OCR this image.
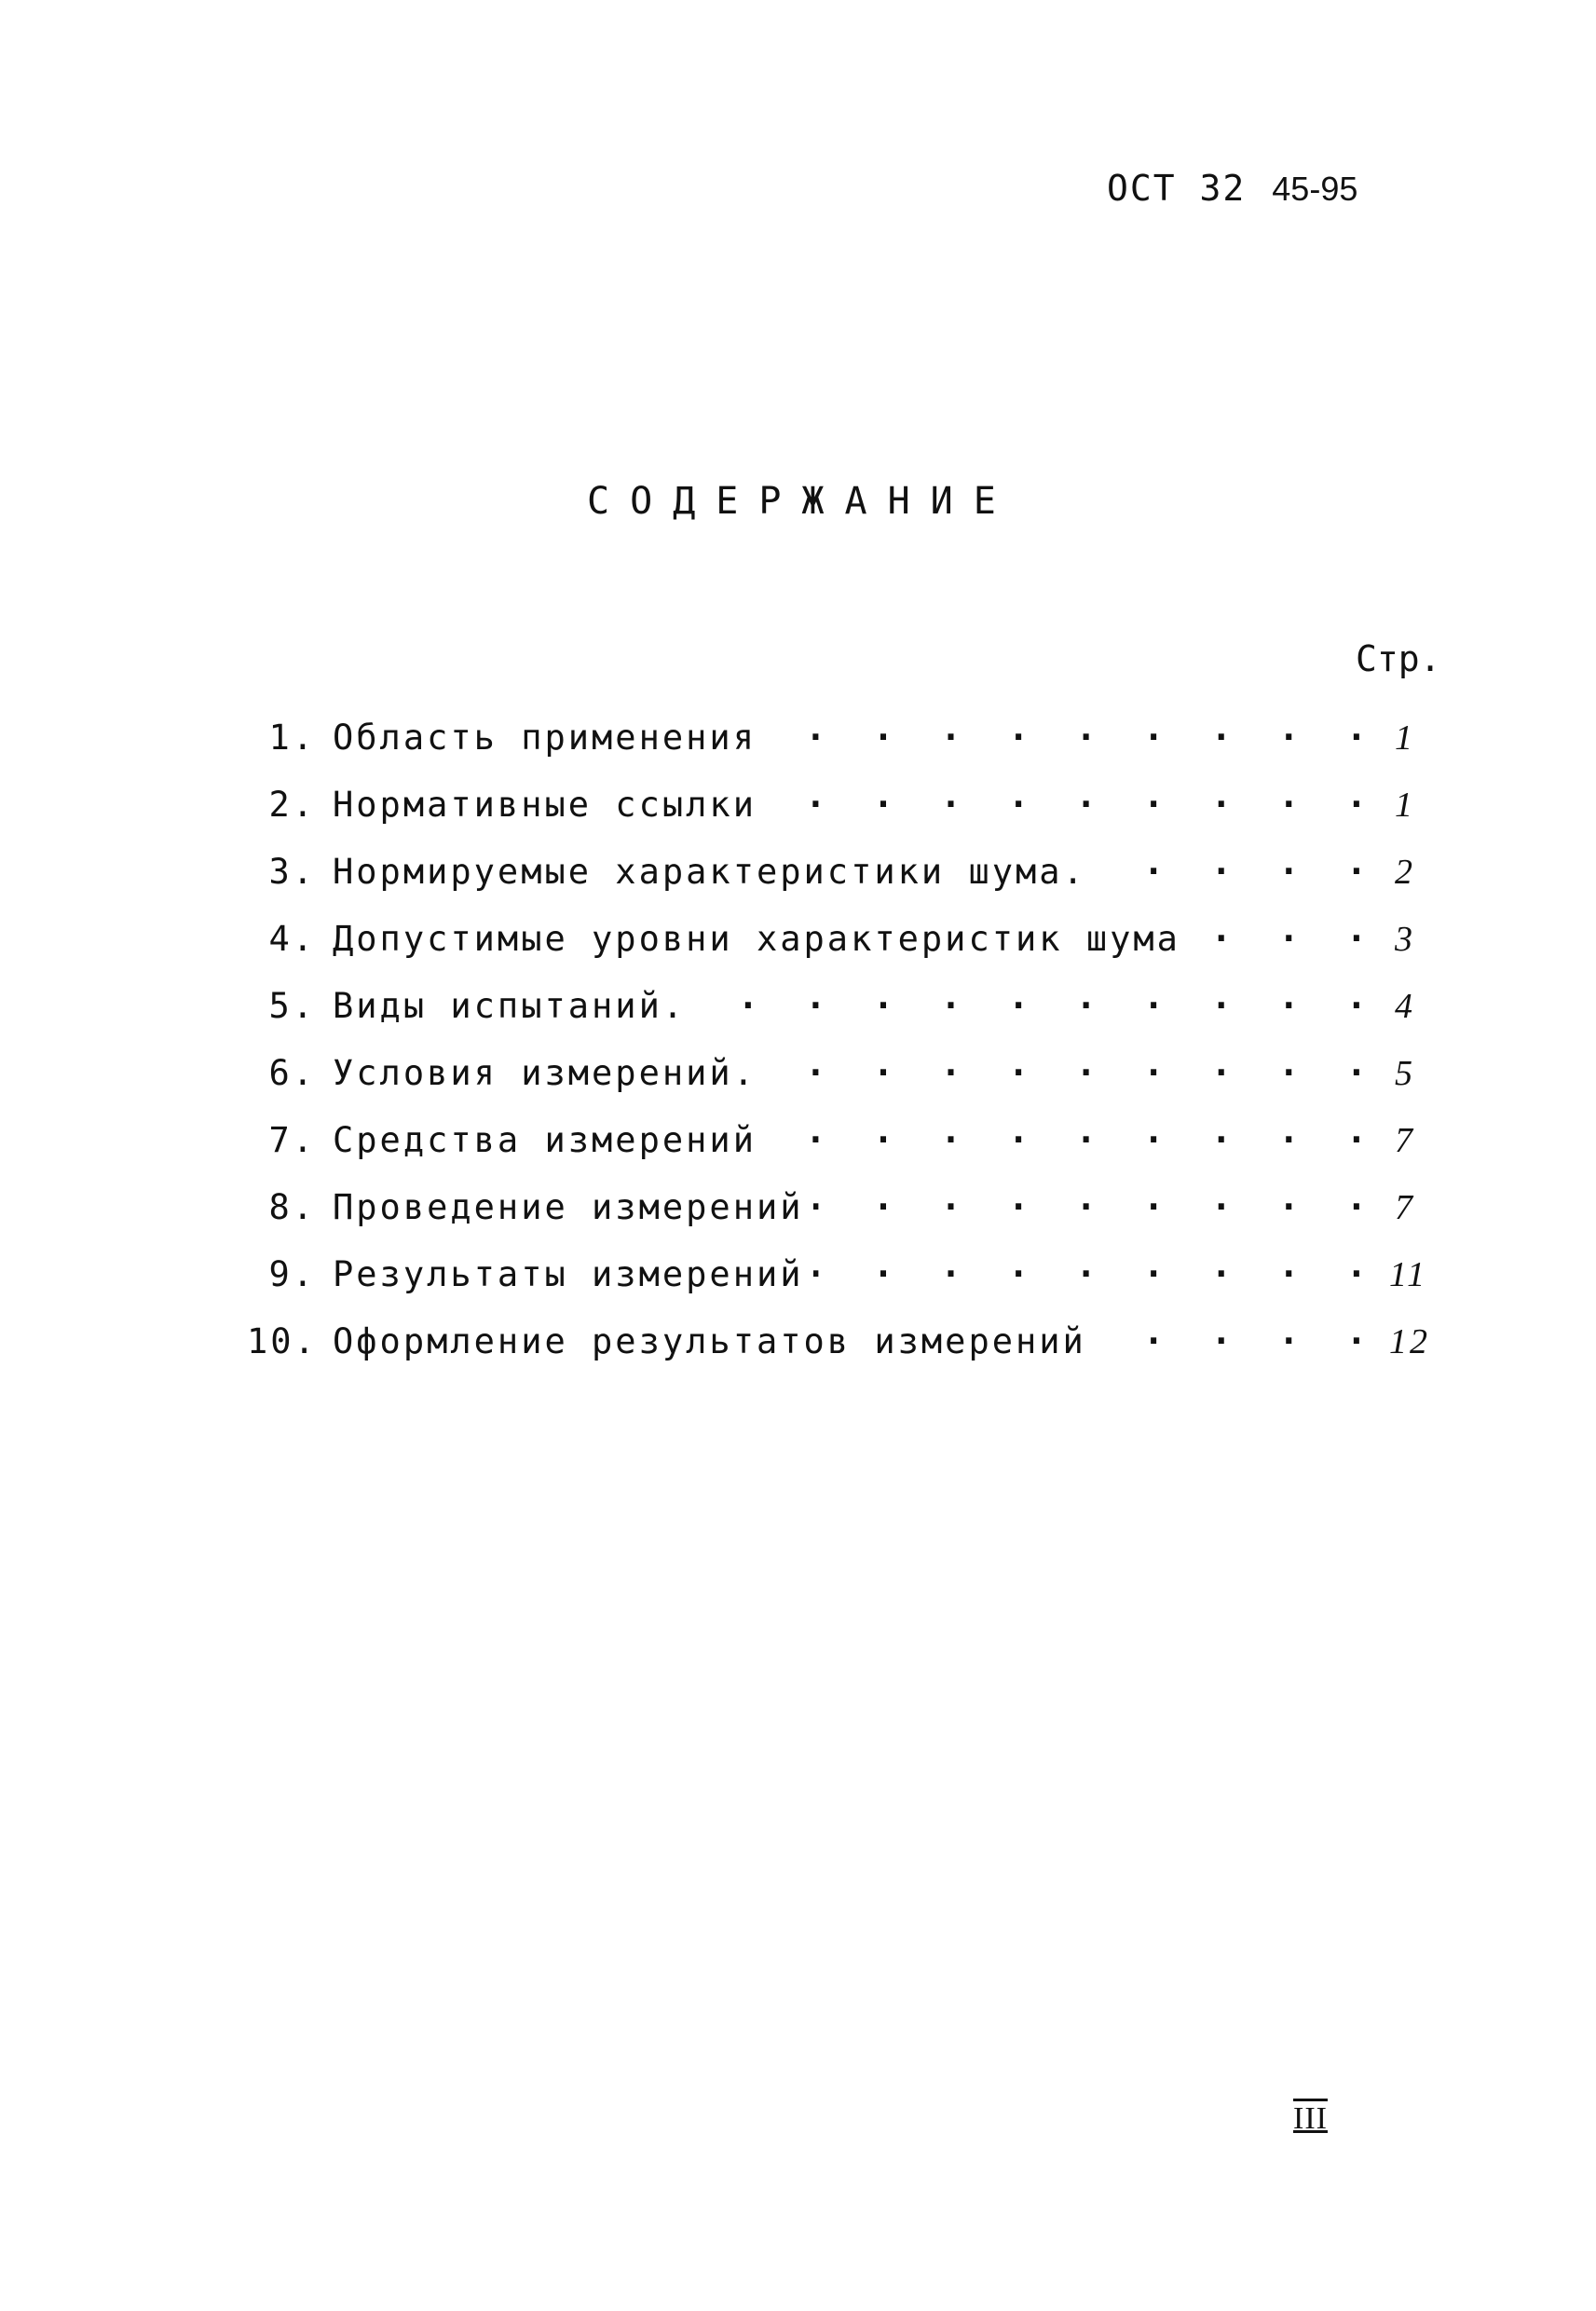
ОСТ 32 45-95
СОДЕРЖАНИЕ
Стр.
1. Область применения . . .	1
2. Нормативные ссылки . . .	1
3. Нормируемые характеристики шума. . . .	2
4. Допустимые уровни характеристик шума . . .	3
5. Виды испытаний. . . .	4
6. Условия измерений. . . .	5
7. Средства измерений . . .	7
8. Проведение измерений . . .	7
9. Результаты измерений . . .	11
10. Оформление результатов измерений . . .	12
III
